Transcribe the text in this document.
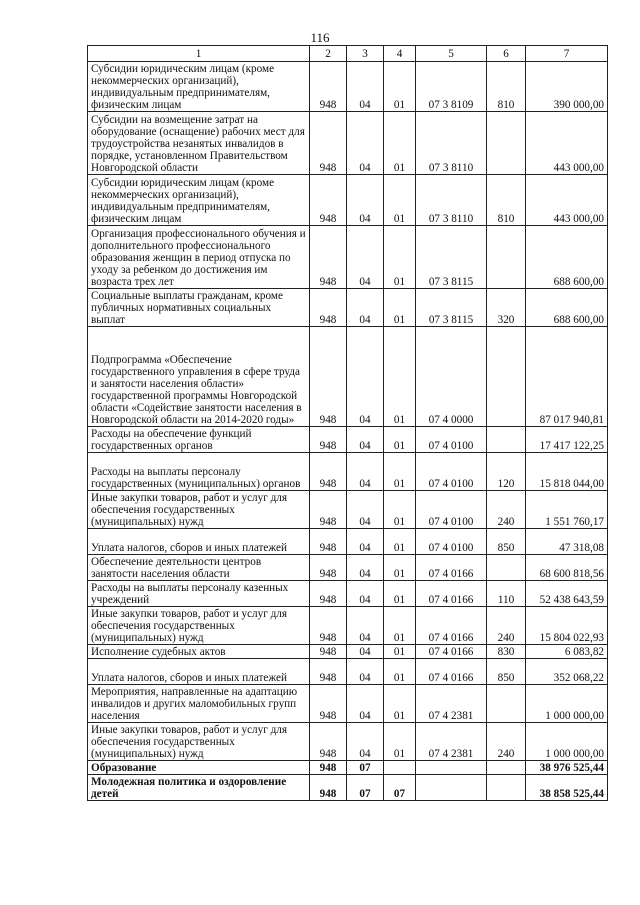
116
1	2	3	4	5	6	7
Субсидии юридическим лицам (кроме некоммерческих организаций), индивидуальным предпринимателям, физическим лицам	948	04	01	07 3 8109	810	390 000,00
Субсидии на возмещение затрат на оборудование (оснащение) рабочих мест для трудоустройства незанятых инвалидов в порядке, установленном Правительством Новгородской области	948	04	01	07 3 8110		443 000,00
Субсидии юридическим лицам (кроме некоммерческих организаций), индивидуальным предпринимателям, физическим лицам	948	04	01	07 3 8110	810	443 000,00
Организация профессионального обучения и дополнительного профессионального образования женщин в период отпуска по уходу за ребенком до достижения им возраста трех лет	948	04	01	07 3 8115		688 600,00
Социальные выплаты гражданам, кроме публичных нормативных социальных выплат	948	04	01	07 3 8115	320	688 600,00
Подпрограмма «Обеспечение государственного управления в сфере труда и занятости населения области» государственной программы Новгородской области «Содействие занятости населения в Новгородской области на 2014-2020 годы»	948	04	01	07 4 0000		87 017 940,81
Расходы на обеспечение функций государственных органов	948	04	01	07 4 0100		17 417 122,25
Расходы на выплаты персоналу государственных (муниципальных) органов	948	04	01	07 4 0100	120	15 818 044,00
Иные закупки товаров, работ и услуг для обеспечения государственных (муниципальных) нужд	948	04	01	07 4 0100	240	1 551 760,17
Уплата налогов, сборов и иных платежей	948	04	01	07 4 0100	850	47 318,08
Обеспечение деятельности центров занятости населения области	948	04	01	07 4 0166		68 600 818,56
Расходы на выплаты персоналу казенных учреждений	948	04	01	07 4 0166	110	52 438 643,59
Иные закупки товаров, работ и услуг для обеспечения государственных (муниципальных) нужд	948	04	01	07 4 0166	240	15 804 022,93
Исполнение судебных актов	948	04	01	07 4 0166	830	6 083,82
Уплата налогов, сборов и иных платежей	948	04	01	07 4 0166	850	352 068,22
Мероприятия, направленные на адаптацию инвалидов и других маломобильных групп населения	948	04	01	07 4 2381		1 000 000,00
Иные закупки товаров, работ и услуг для обеспечения государственных (муниципальных) нужд	948	04	01	07 4 2381	240	1 000 000,00
Образование	948	07				38 976 525,44
Молодежная политика и оздоровление детей	948	07	07			38 858 525,44
